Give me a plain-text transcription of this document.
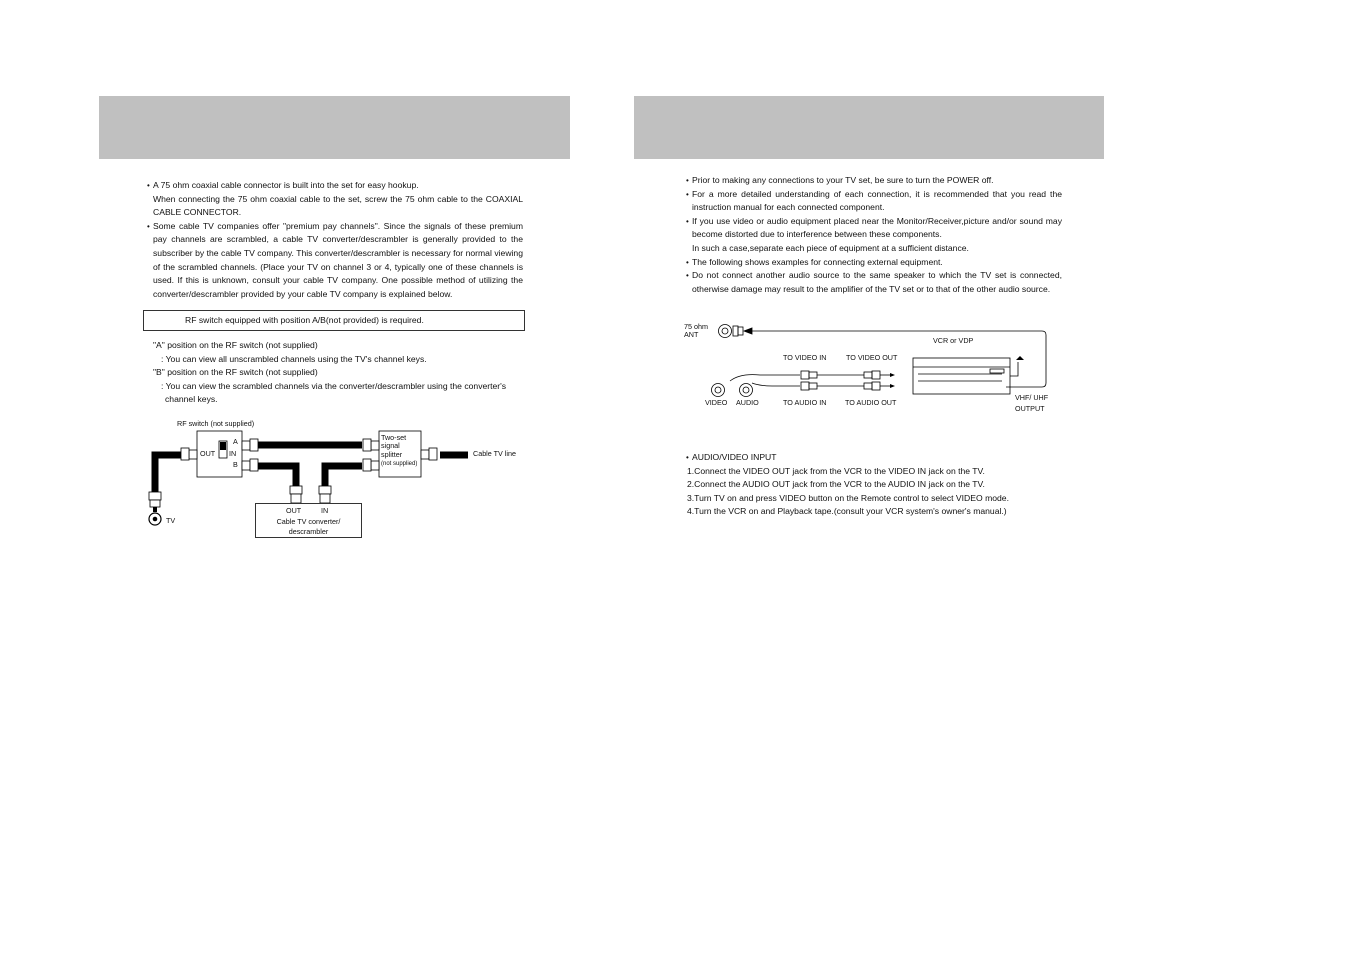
• A 75 ohm coaxial cable connector is built into the set for easy hookup.

When connecting the 75 ohm coaxial cable to the set, screw the 75 ohm cable to the COAXIAL CABLE CONNECTOR.

• Some cable TV companies offer "premium pay channels". Since the signals of these premium pay channels are scrambled, a cable TV converter/descrambler is generally provided to the subscriber by the cable TV company. This converter/descrambler is necessary for normal viewing of the scrambled channels. (Place your TV on channel 3 or 4, typically one of these channels is used. If this is unknown, consult your cable TV company. One possible method of utilizing the converter/descrambler provided by your cable TV company is explained below.

RF switch equipped with position A/B(not provided) is required.

"A" position on the RF switch (not supplied)

: You can view all unscrambled channels using the TV's channel keys.

"B" position on the RF switch (not supplied)

: You can view the scrambled channels via the converter/descrambler using the converter's channel keys.

RF switch (not supplied)
A
IN
B
OUT
Two-set
signal
splitter
(not supplied)
Cable TV line
TV
OUT	IN
Cable TV converter/
descrambler

• Prior to making any connections to your TV set, be sure to turn the POWER off.

• For a more detailed understanding of each connection, it is recommended that you read the instruction manual for each connected component.

• If you use video or audio equipment placed near the Monitor/Receiver,picture and/or sound may become distorted due to interference between these components.

In such a case,separate each piece of equipment at a sufficient distance.

• The following shows examples for connecting external equipment.

• Do not connect another audio source to the same speaker to which the TV set is connected, otherwise damage may result to the amplifier of the TV set or to that of the other audio source.

75 ohm
ANT
VCR or VDP
TO VIDEO IN	TO VIDEO OUT
VIDEO AUDIO	TO AUDIO IN	TO AUDIO OUT
VHF/ UHF
OUTPUT

• AUDIO/VIDEO INPUT

1.Connect the VIDEO OUT jack from the VCR to the VIDEO IN jack on the TV.

2.Connect the AUDIO OUT jack from the VCR to the AUDIO IN jack on the TV.

3.Turn TV on and press VIDEO button on the Remote control to select VIDEO mode.

4.Turn the VCR on and Playback tape.(consult your VCR system's owner's manual.)
